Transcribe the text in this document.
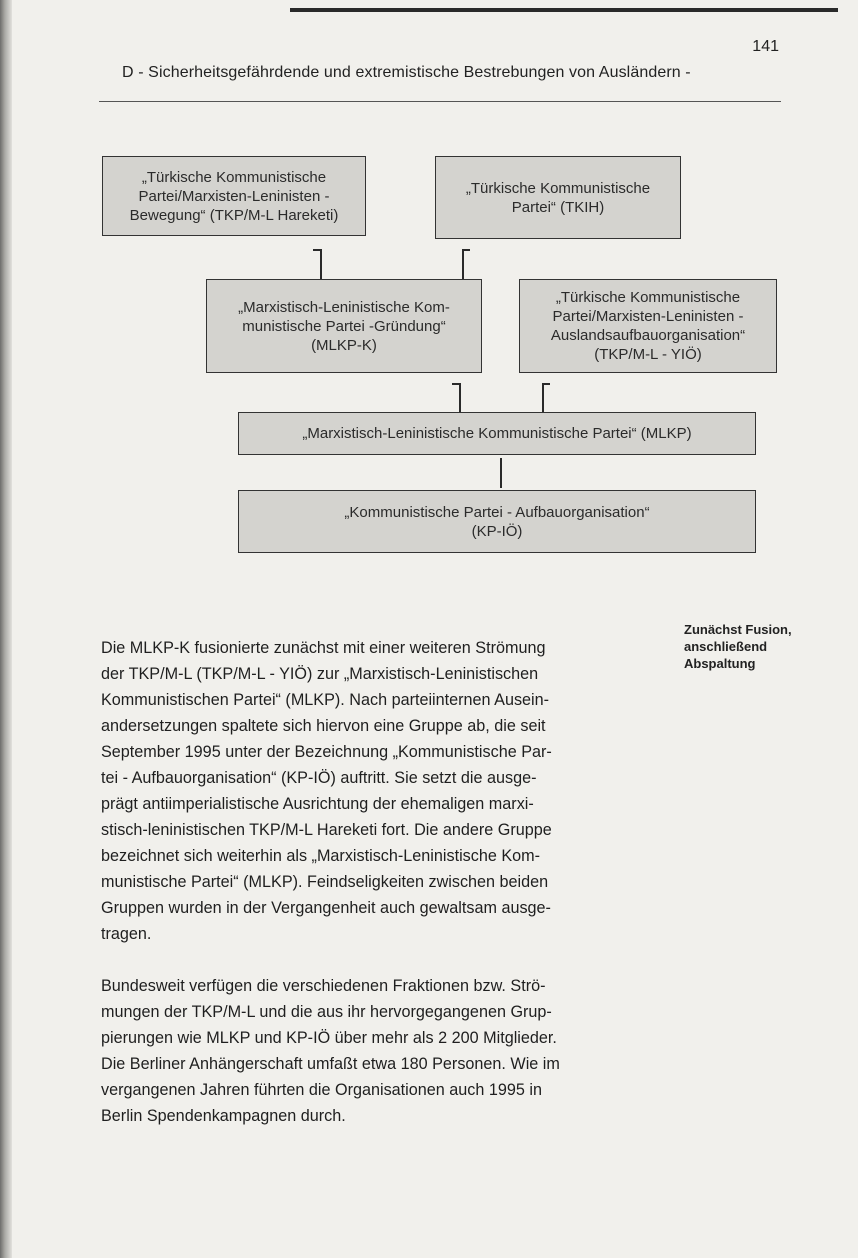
141
D - Sicherheitsgefährdende und extremistische Bestrebungen von Ausländern -
„Türkische Kommunistische
Partei/Marxisten-Leninisten -
Bewegung“ (TKP/M-L Hareketi)
„Türkische Kommunistische
Partei“ (TKIH)
„Marxistisch-Leninistische Kom-
munistische Partei -Gründung“
(MLKP-K)
„Türkische Kommunistische
Partei/Marxisten-Leninisten -
Auslandsaufbauorganisation“
(TKP/M-L - YIÖ)
„Marxistisch-Leninistische Kommunistische Partei“ (MLKP)
„Kommunistische Partei - Aufbauorganisation“
(KP-IÖ)
Zunächst Fusion,
anschließend
Abspaltung

Die MLKP-K fusionierte zunächst mit einer weiteren Strömung
der TKP/M-L (TKP/M-L - YIÖ) zur „Marxistisch-Leninistischen
Kommunistischen Partei“ (MLKP). Nach parteiinternen Ausein-
andersetzungen spaltete sich hiervon eine Gruppe ab, die seit
September 1995 unter der Bezeichnung „Kommunistische Par-
tei - Aufbauorganisation“ (KP-IÖ) auftritt. Sie setzt die ausge-
prägt antiimperialistische Ausrichtung der ehemaligen marxi-
stisch-leninistischen TKP/M-L Hareketi fort. Die andere Gruppe
bezeichnet sich weiterhin als „Marxistisch-Leninistische Kom-
munistische Partei“ (MLKP). Feindseligkeiten zwischen beiden
Gruppen wurden in der Vergangenheit auch gewaltsam ausge-
tragen.

Bundesweit verfügen die verschiedenen Fraktionen bzw. Strö-
mungen der TKP/M-L und die aus ihr hervorgegangenen Grup-
pierungen wie MLKP und KP-IÖ über mehr als 2 200 Mitglieder.
Die Berliner Anhängerschaft umfaßt etwa 180 Personen. Wie im
vergangenen Jahren führten die Organisationen auch 1995 in
Berlin Spendenkampagnen durch.
